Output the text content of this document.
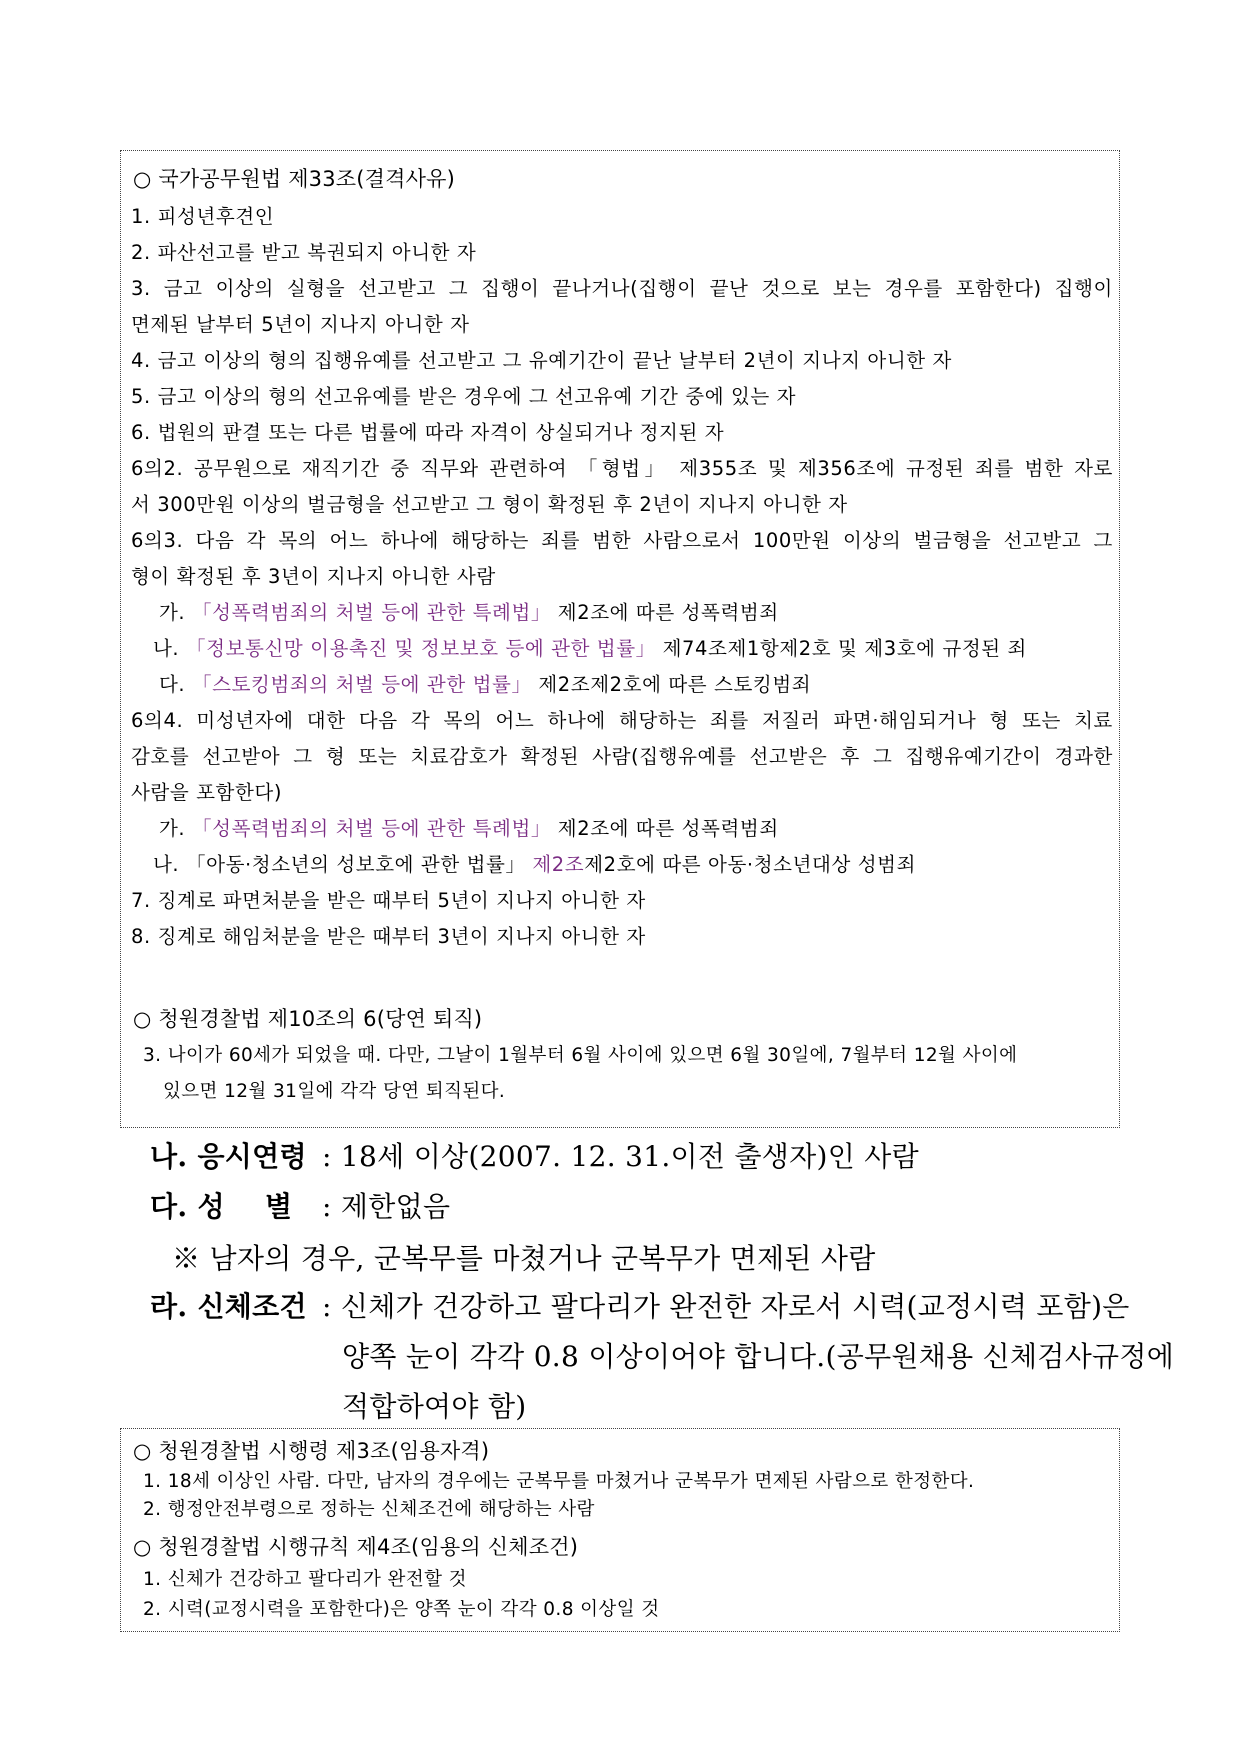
○ 국가공무원법 제33조(결격사유)
1. 피성년후견인
2. 파산선고를 받고 복권되지 아니한 자
3. 금고 이상의 실형을 선고받고 그 집행이 끝나거나(집행이 끝난 것으로 보는 경우를 포함한다) 집행이
면제된 날부터 5년이 지나지 아니한 자
4. 금고 이상의 형의 집행유예를 선고받고 그 유예기간이 끝난 날부터 2년이 지나지 아니한 자
5. 금고 이상의 형의 선고유예를 받은 경우에 그 선고유예 기간 중에 있는 자
6. 법원의 판결 또는 다른 법률에 따라 자격이 상실되거나 정지된 자
6의2. 공무원으로 재직기간 중 직무와 관련하여 「형법」 제355조 및 제356조에 규정된 죄를 범한 자로
서 300만원 이상의 벌금형을 선고받고 그 형이 확정된 후 2년이 지나지 아니한 자
6의3. 다음 각 목의 어느 하나에 해당하는 죄를 범한 사람으로서 100만원 이상의 벌금형을 선고받고 그
형이 확정된 후 3년이 지나지 아니한 사람
가. 「성폭력범죄의 처벌 등에 관한 특례법」 제2조에 따른 성폭력범죄
나. 「정보통신망 이용촉진 및 정보보호 등에 관한 법률」 제74조제1항제2호 및 제3호에 규정된 죄
다. 「스토킹범죄의 처벌 등에 관한 법률」 제2조제2호에 따른 스토킹범죄
6의4. 미성년자에 대한 다음 각 목의 어느 하나에 해당하는 죄를 저질러 파면·해임되거나 형 또는 치료
감호를 선고받아 그 형 또는 치료감호가 확정된 사람(집행유예를 선고받은 후 그 집행유예기간이 경과한
사람을 포함한다)
가. 「성폭력범죄의 처벌 등에 관한 특례법」 제2조에 따른 성폭력범죄
나. 「아동·청소년의 성보호에 관한 법률」 제2조제2호에 따른 아동·청소년대상 성범죄
7. 징계로 파면처분을 받은 때부터 5년이 지나지 아니한 자
8. 징계로 해임처분을 받은 때부터 3년이 지나지 아니한 자
○ 청원경찰법 제10조의 6(당연 퇴직)
3. 나이가 60세가 되었을 때. 다만, 그날이 1월부터 6월 사이에 있으면 6월 30일에, 7월부터 12월 사이에
있으면 12월 31일에 각각 당연 퇴직된다.
나. 응시연령 : 18세 이상(2007. 12. 31.이전 출생자)인 사람
다. 성    별 : 제한없음
※ 남자의 경우, 군복무를 마쳤거나 군복무가 면제된 사람
라. 신체조건 : 신체가 건강하고 팔다리가 완전한 자로서 시력(교정시력 포함)은
양쪽 눈이 각각 0.8 이상이어야 합니다.(공무원채용 신체검사규정에
적합하여야 함)
○ 청원경찰법 시행령 제3조(임용자격)
1. 18세 이상인 사람. 다만, 남자의 경우에는 군복무를 마쳤거나 군복무가 면제된 사람으로 한정한다.
2. 행정안전부령으로 정하는 신체조건에 해당하는 사람
○ 청원경찰법 시행규칙 제4조(임용의 신체조건)
1. 신체가 건강하고 팔다리가 완전할 것
2. 시력(교정시력을 포함한다)은 양쪽 눈이 각각 0.8 이상일 것
